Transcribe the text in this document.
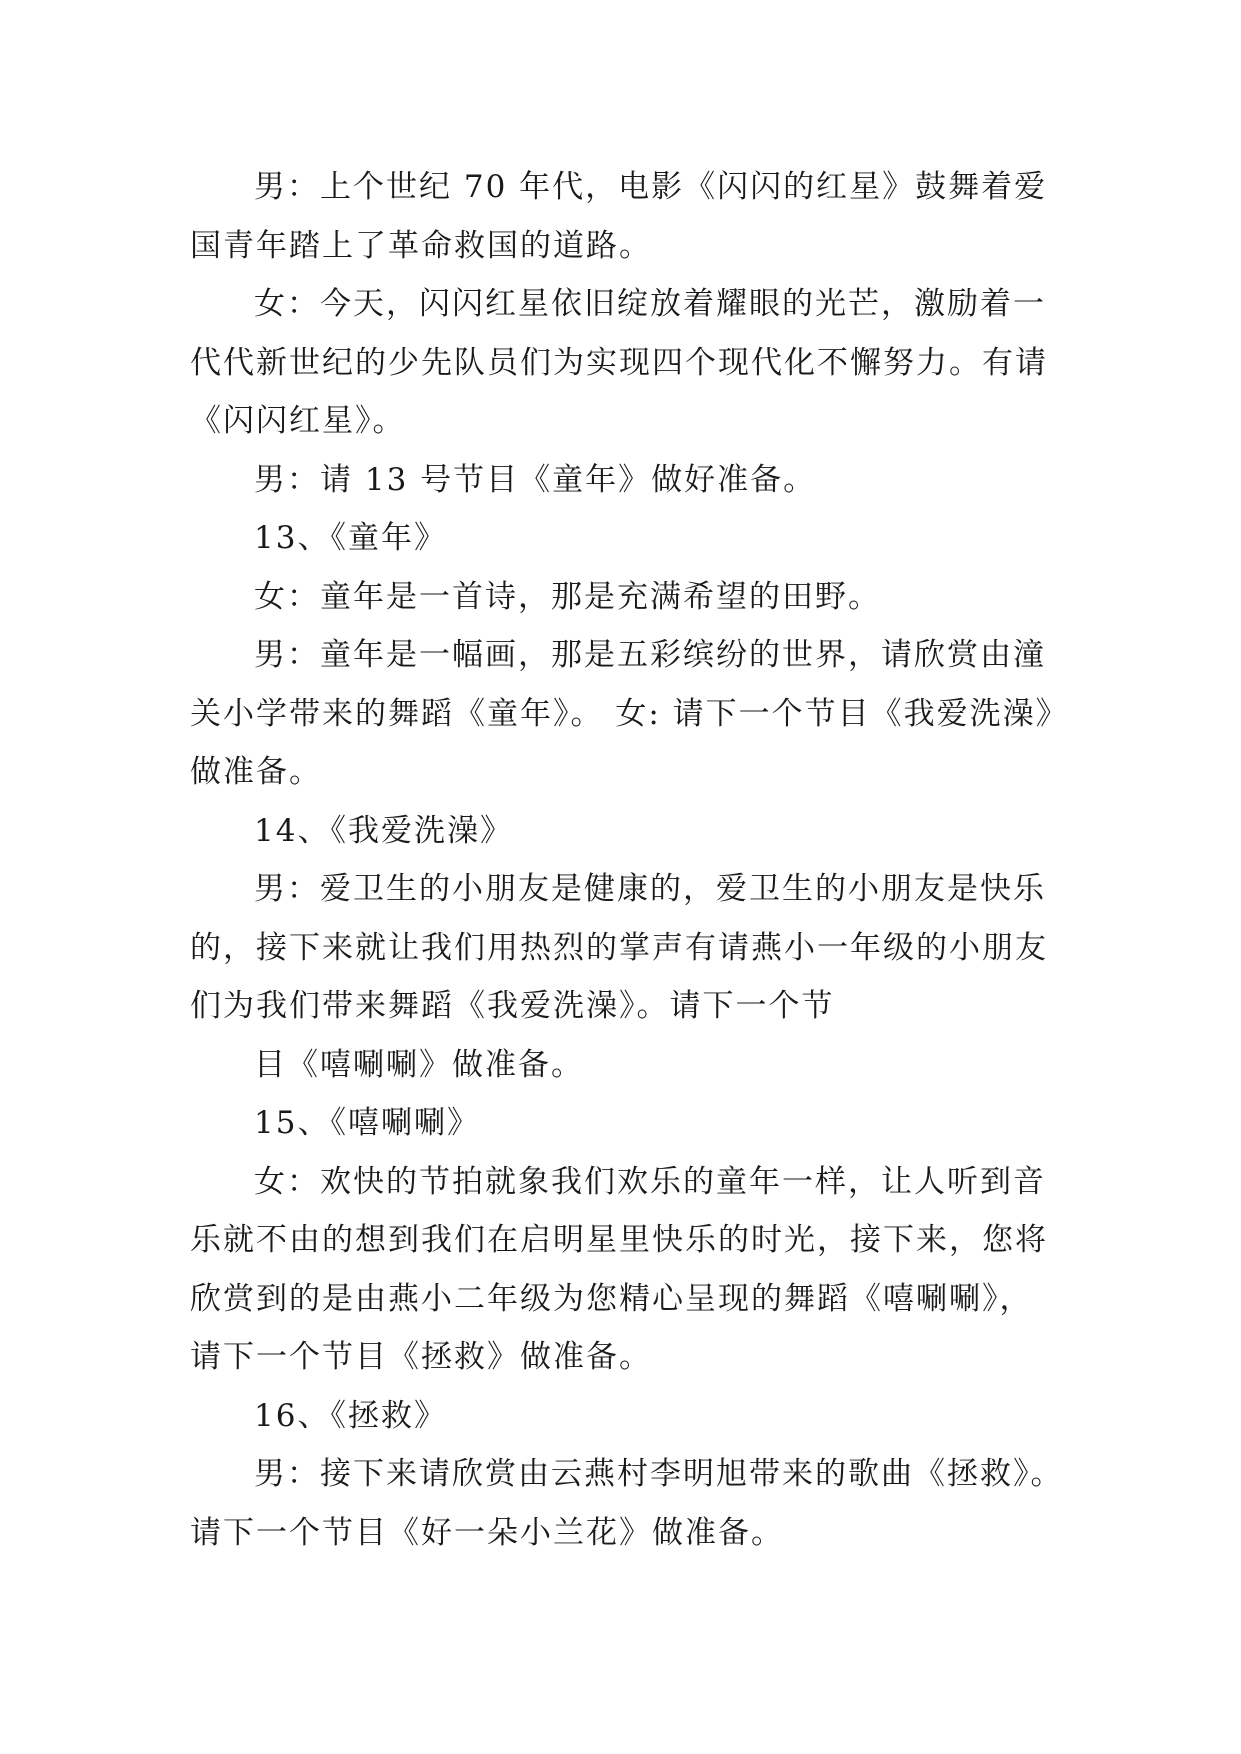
男：上个世纪 70 年代，电影《闪闪的红星》鼓舞着爱
国青年踏上了革命救国的道路。
女：今天，闪闪红星依旧绽放着耀眼的光芒，激励着一
代代新世纪的少先队员们为实现四个现代化不懈努力。有请
《闪闪红星》。
男：请 13 号节目《童年》做好准备。
13、《童年》
女：童年是一首诗，那是充满希望的田野。
男：童年是一幅画，那是五彩缤纷的世界，请欣赏由潼
关小学带来的舞蹈《童年》。 女: 请下一个节目《我爱洗澡》
做准备。
14、《我爱洗澡》
男：爱卫生的小朋友是健康的，爱卫生的小朋友是快乐
的，接下来就让我们用热烈的掌声有请燕小一年级的小朋友
们为我们带来舞蹈《我爱洗澡》。请下一个节
目《嘻唰唰》做准备。
15、《嘻唰唰》
女：欢快的节拍就象我们欢乐的童年一样，让人听到音
乐就不由的想到我们在启明星里快乐的时光，接下来，您将
欣赏到的是由燕小二年级为您精心呈现的舞蹈《嘻唰唰》，
请下一个节目《拯救》做准备。
16、《拯救》
男：接下来请欣赏由云燕村李明旭带来的歌曲《拯救》。
请下一个节目《好一朵小兰花》做准备。
